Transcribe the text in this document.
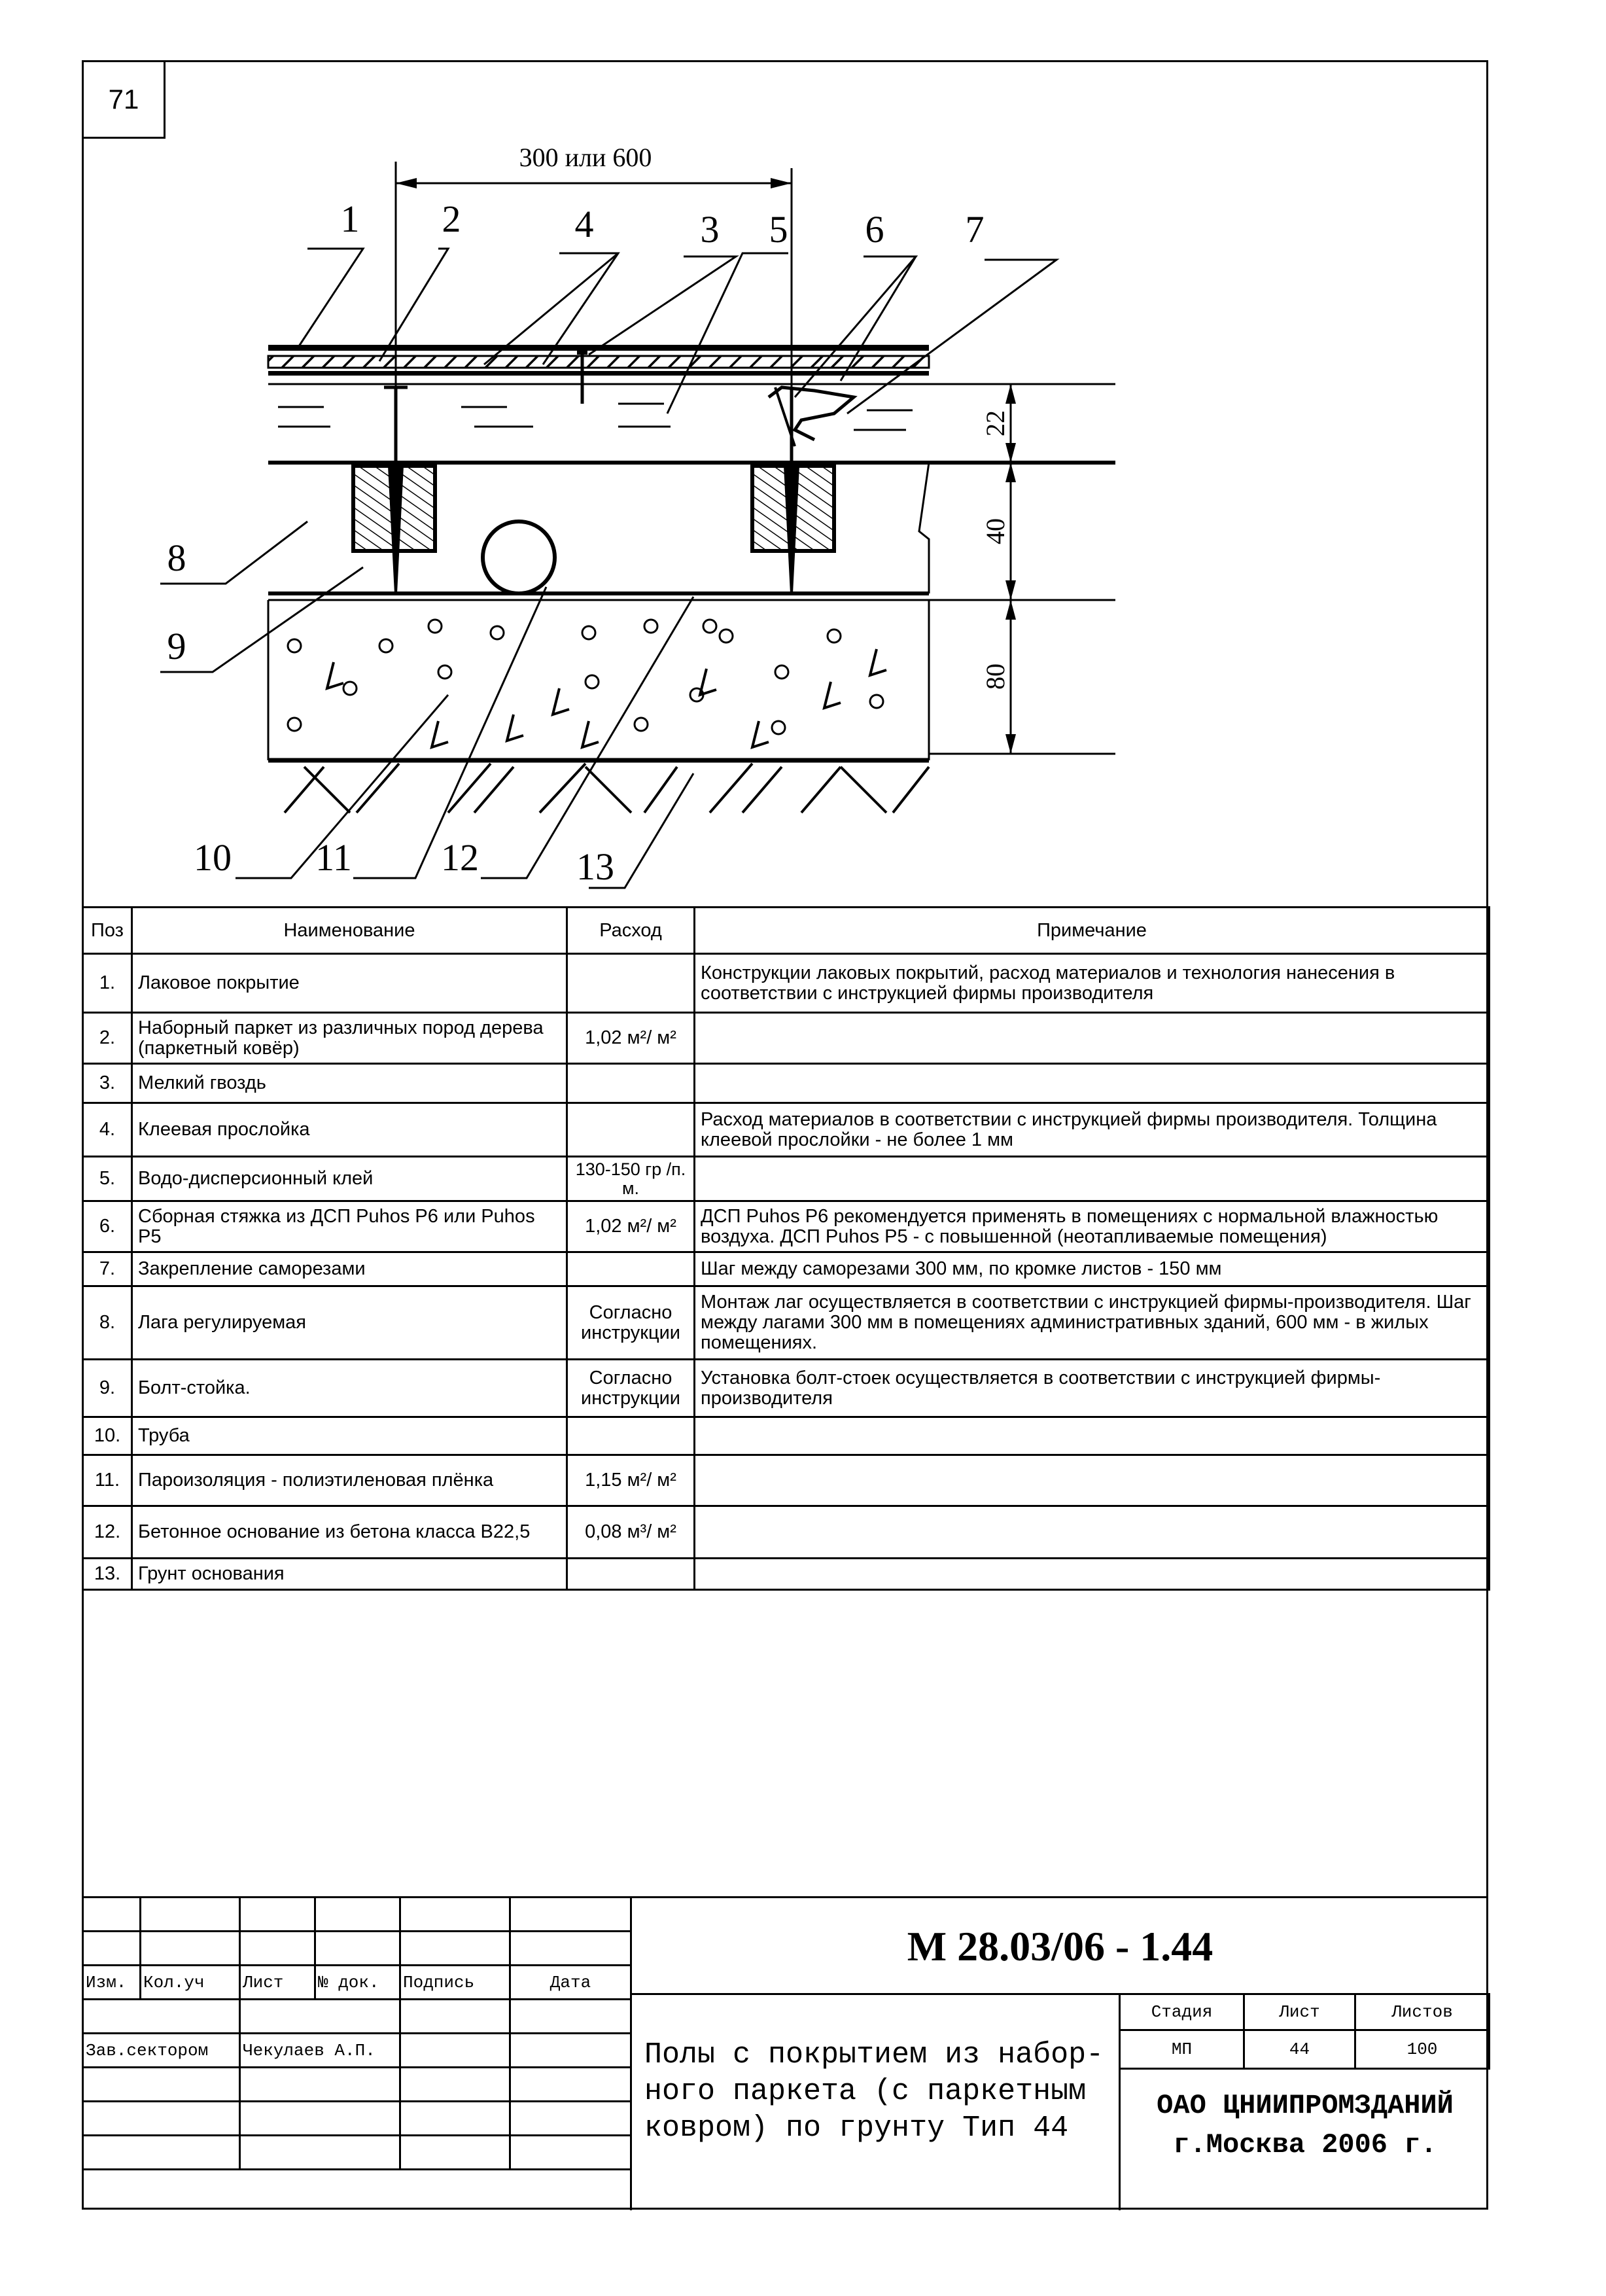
71
300 или 600
22
40
80
1 2	4	3 5 6 7
8
9
10 11 12	13
Поз	Наименование	Расход	Примечание
1.	Лаковое покрытие		Конструкции лаковых покрытий, расход материалов и технология нанесения в соответствии с инструкцией фирмы производителя
2.	Наборный паркет из различных пород дерева (паркетный ковёр)	1,02 м²/ м²	
3.	Мелкий гвоздь		
4.	Клеевая прослойка		Расход материалов в соответствии с инструкцией фирмы производителя. Толщина клеевой прослойки - не более 1 мм
5.	Водо-дисперсионный клей	130-150 гр /п. м.	
6.	Сборная стяжка из ДСП Puhos P6 или Puhos P5	1,02 м²/ м²	ДСП Puhos P6 рекомендуется применять в помещениях с нормальной влажностью воздуха. ДСП Puhos P5 - с повышенной (неотапливаемые помещения)
7.	Закрепление саморезами		Шаг между саморезами 300 мм, по кромке листов - 150 мм
8.	Лага регулируемая	Согласно инструкции	Монтаж лаг осуществляется в соответствии с инструкцией фирмы-производителя. Шаг между лагами 300 мм в помещениях административных зданий, 600 мм - в жилых помещениях.
9.	Болт-стойка.	Согласно инструкции	Установка болт-стоек осуществляется в соответствии с инструкцией фирмы-производителя
10.	Труба		
11.	Пароизоляция - полиэтиленовая плёнка	1,15 м²/ м²	
12.	Бетонное основание из бетона класса В22,5	0,08 м³/ м²	
13.	Грунт основания		

Изм.	Кол.уч	Лист	№ док.	Подпись	Дата

Зав.сектором		Чекулаев А.П.			

М 28.03/06 - 1.44
Полы с покрытием из набор-
ного паркета (с паркетным
ковром) по грунту Тип 44
Стадия	Лист	Листов
МП	44	100
ОАО ЦНИИПРОМЗДАНИЙ
г.Москва 2006 г.
